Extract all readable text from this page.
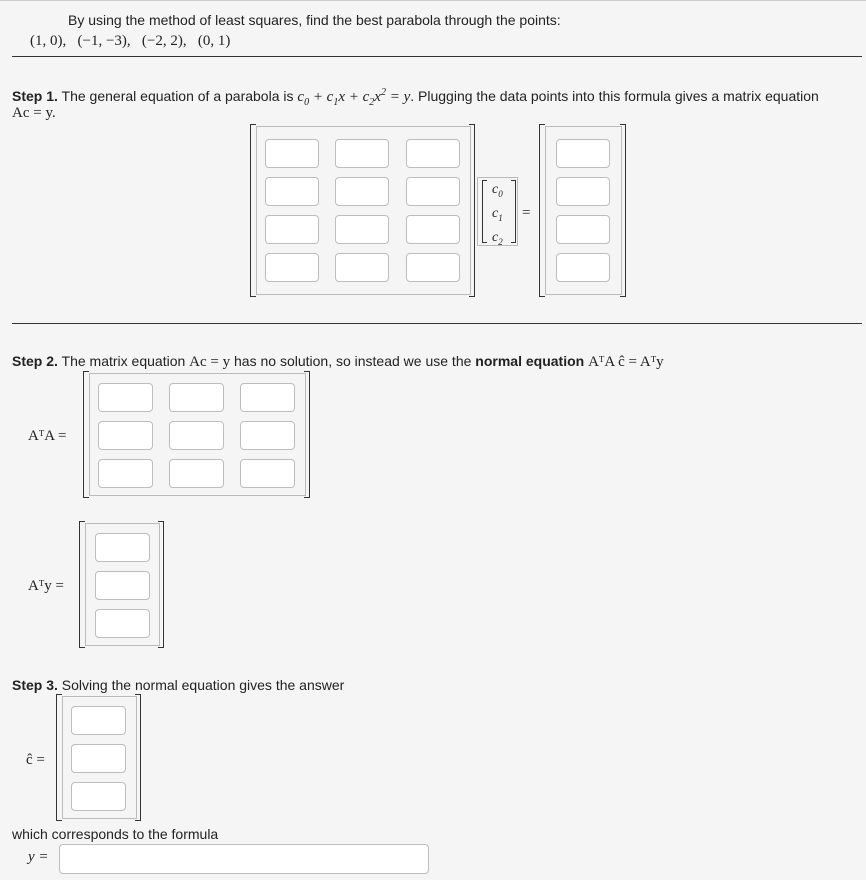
By using the method of least squares, find the best parabola through the points:
(1, 0),   (−1, −3),   (−2, 2),   (0, 1)
Step 1. The general equation of a parabola is $c_0 + c_1x + c_2x^2 = y$. Plugging the data points into this formula gives a matrix equation
Ac = y.
$c_0$
$c_1$
$c_2$
=
Step 2. The matrix equation Ac = y has no solution, so instead we use the normal equation AᵀA ĉ = Aᵀy
AᵀA =
Aᵀy =
Step 3. Solving the normal equation gives the answer
ĉ =
which corresponds to the formula
y =
